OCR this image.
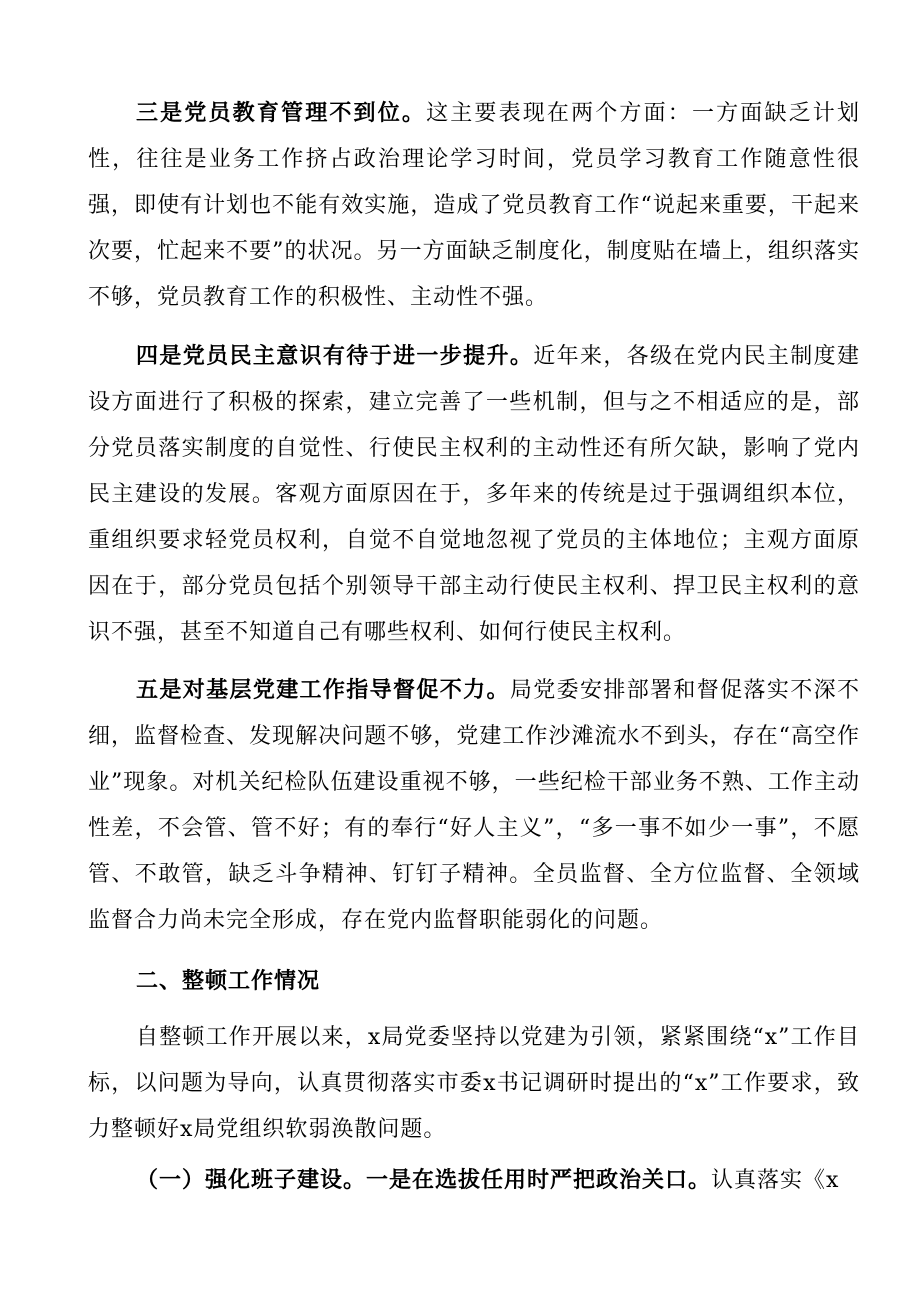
三是党员教育管理不到位。这主要表现在两个方面：一方面缺乏计划性，往往是业务工作挤占政治理论学习时间，党员学习教育工作随意性很强，即使有计划也不能有效实施，造成了党员教育工作“说起来重要，干起来次要，忙起来不要”的状况。另一方面缺乏制度化，制度贴在墙上，组织落实不够，党员教育工作的积极性、主动性不强。

四是党员民主意识有待于进一步提升。近年来，各级在党内民主制度建设方面进行了积极的探索，建立完善了一些机制，但与之不相适应的是，部分党员落实制度的自觉性、行使民主权利的主动性还有所欠缺，影响了党内民主建设的发展。客观方面原因在于，多年来的传统是过于强调组织本位，重组织要求轻党员权利，自觉不自觉地忽视了党员的主体地位；主观方面原因在于，部分党员包括个别领导干部主动行使民主权利、捍卫民主权利的意识不强，甚至不知道自己有哪些权利、如何行使民主权利。

五是对基层党建工作指导督促不力。局党委安排部署和督促落实不深不细，监督检查、发现解决问题不够，党建工作沙滩流水不到头，存在“高空作业”现象。对机关纪检队伍建设重视不够，一些纪检干部业务不熟、工作主动性差，不会管、管不好；有的奉行“好人主义”，“多一事不如少一事”，不愿管、不敢管，缺乏斗争精神、钉钉子精神。全员监督、全方位监督、全领域监督合力尚未完全形成，存在党内监督职能弱化的问题。

二、整顿工作情况

自整顿工作开展以来，x局党委坚持以党建为引领，紧紧围绕“x”工作目标，以问题为导向，认真贯彻落实市委x书记调研时提出的“x”工作要求，致力整顿好x局党组织软弱涣散问题。

（一）强化班子建设。一是在选拔任用时严把政治关口。认真落实《x
